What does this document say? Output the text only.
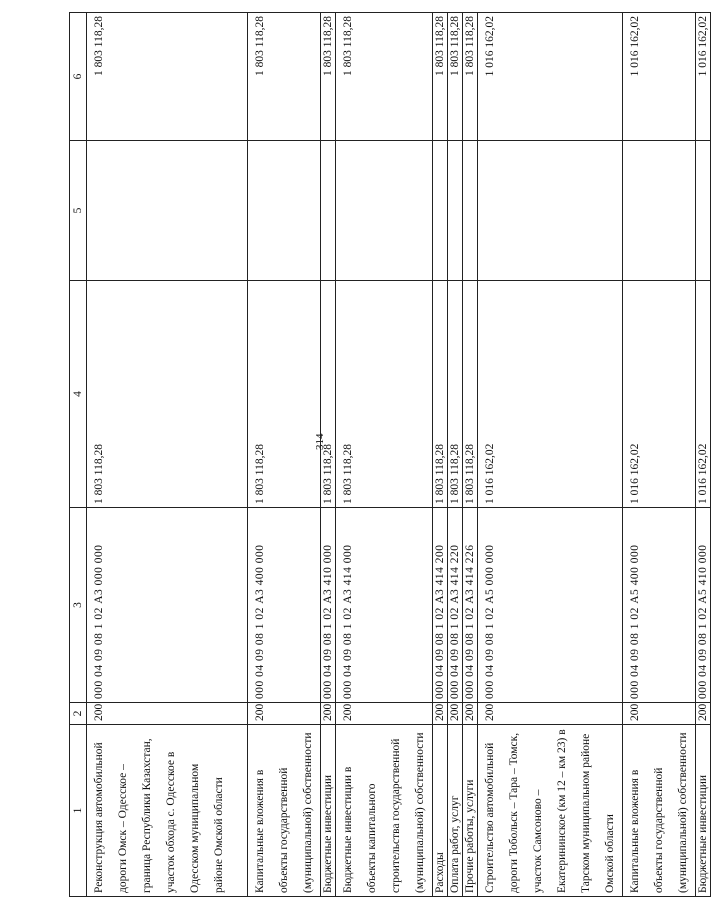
314
1	2	3	4	5	6
Реконструкция автомобильной дороги Омск – Одесское – граница Республики Казахстан, участок обхода с. Одесское в Одесском муниципальном районе Омской области	200	000 04 09 08 1 02 А3 000 000	1 803 118,28		1 803 118,28
Капитальные вложения в объекты государственной (муниципальной) собственности	200	000 04 09 08 1 02 А3 400 000	1 803 118,28		1 803 118,28
Бюджетные инвестиции	200	000 04 09 08 1 02 А3 410 000	1 803 118,28		1 803 118,28
Бюджетные инвестиции в объекты капитального строительства государственной (муниципальной) собственности	200	000 04 09 08 1 02 А3 414 000	1 803 118,28		1 803 118,28
Расходы	200	000 04 09 08 1 02 А3 414 200	1 803 118,28		1 803 118,28
Оплата работ, услуг	200	000 04 09 08 1 02 А3 414 220	1 803 118,28		1 803 118,28
Прочие работы, услуги	200	000 04 09 08 1 02 А3 414 226	1 803 118,28		1 803 118,28
Строительство автомобильной дороги Тобольск – Тара – Томск, участок Самсоново – Екатерининское (км 12 – км 23) в Тарском муниципальном районе Омской области	200	000 04 09 08 1 02 А5 000 000	1 016 162,02		1 016 162,02
Капитальные вложения в объекты государственной (муниципальной) собственности	200	000 04 09 08 1 02 А5 400 000	1 016 162,02		1 016 162,02
Бюджетные инвестиции	200	000 04 09 08 1 02 А5 410 000	1 016 162,02		1 016 162,02
